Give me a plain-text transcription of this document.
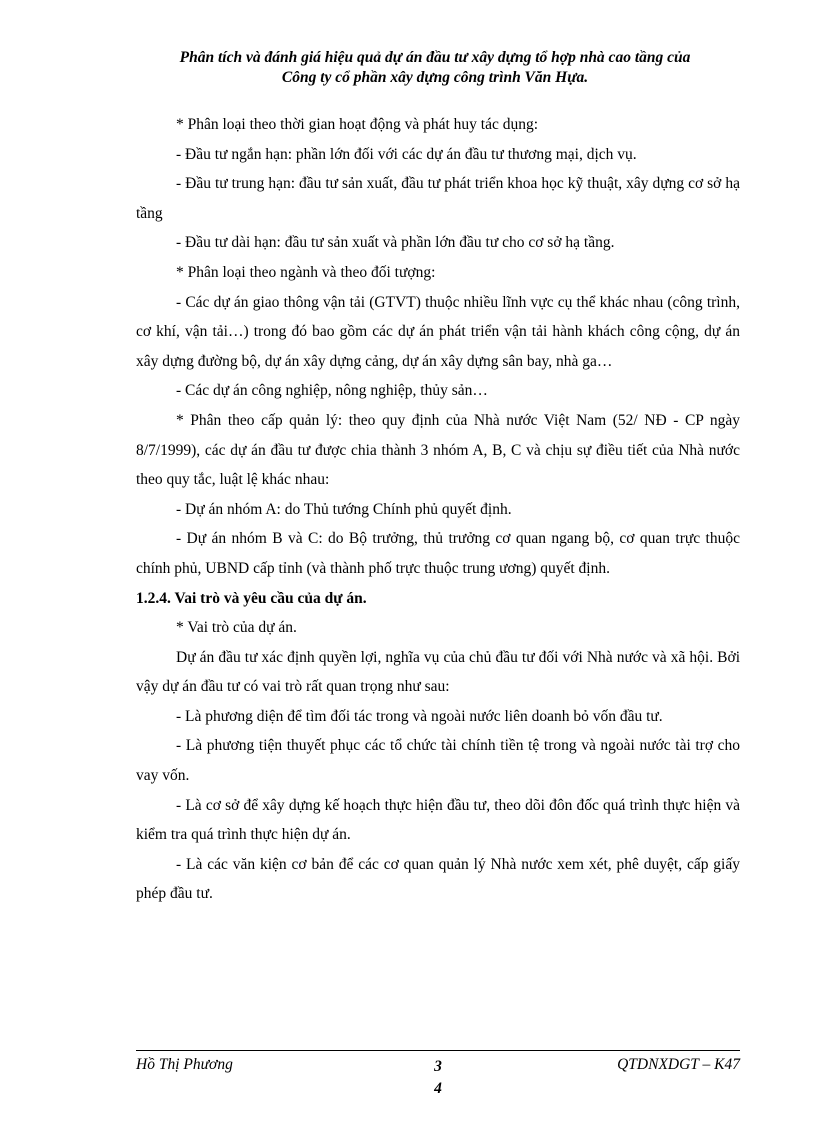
Phân tích và đánh giá hiệu quả dự án đầu tư xây dựng tổ hợp nhà cao tầng của
Công ty cổ phần xây dựng công trình Văn Hựa.

* Phân loại theo thời gian hoạt động và phát huy tác dụng:

- Đầu tư ngắn hạn: phần lớn đối với các dự án đầu tư thương mại, dịch vụ.

- Đầu tư trung hạn: đầu tư sản xuất, đầu tư phát triển khoa học kỹ thuật, xây dựng cơ sở hạ tầng

- Đầu tư dài hạn: đầu tư sản xuất và phần lớn đầu tư cho cơ sở hạ tầng.

* Phân loại theo ngành và theo đối tượng:

- Các dự án giao thông vận tải (GTVT) thuộc nhiều lĩnh vực cụ thể khác nhau (công trình, cơ khí, vận tải…) trong đó bao gồm các dự án phát triển vận tải hành khách công cộng, dự án xây dựng đường bộ, dự án xây dựng cảng, dự án xây dựng sân bay, nhà ga…

- Các dự án công nghiệp, nông nghiệp, thủy sản…

* Phân theo cấp quản lý: theo quy định của Nhà nước Việt Nam (52/ NĐ - CP ngày 8/7/1999), các dự án đầu tư được chia thành 3 nhóm A, B, C và chịu sự điều tiết của Nhà nước theo quy tắc, luật lệ khác nhau:

- Dự án nhóm A: do Thủ tướng Chính phủ quyết định.

- Dự án nhóm B và C: do Bộ trưởng, thủ trưởng cơ quan ngang bộ, cơ quan trực thuộc chính phủ, UBND cấp tỉnh (và thành phố trực thuộc trung ương) quyết định.

1.2.4. Vai trò và yêu cầu của dự án.

* Vai trò của dự án.

Dự án đầu tư xác định quyền lợi, nghĩa vụ của chủ đầu tư đối với Nhà nước và xã hội. Bởi vậy dự án đầu tư có vai trò rất quan trọng như sau:

- Là phương diện để tìm đối tác trong và ngoài nước liên doanh bỏ vốn đầu tư.

- Là phương tiện thuyết phục các tổ chức tài chính tiền tệ trong và ngoài nước tài trợ cho vay vốn.

- Là cơ sở để xây dựng kế hoạch thực hiện đầu tư, theo dõi đôn đốc quá trình thực hiện và kiểm tra quá trình thực hiện dự án.

- Là các văn kiện cơ bản để các cơ quan quản lý Nhà nước xem xét, phê duyệt, cấp giấy phép đầu tư.

Hồ Thị Phương	3
4
QTDNXDGT – K47
